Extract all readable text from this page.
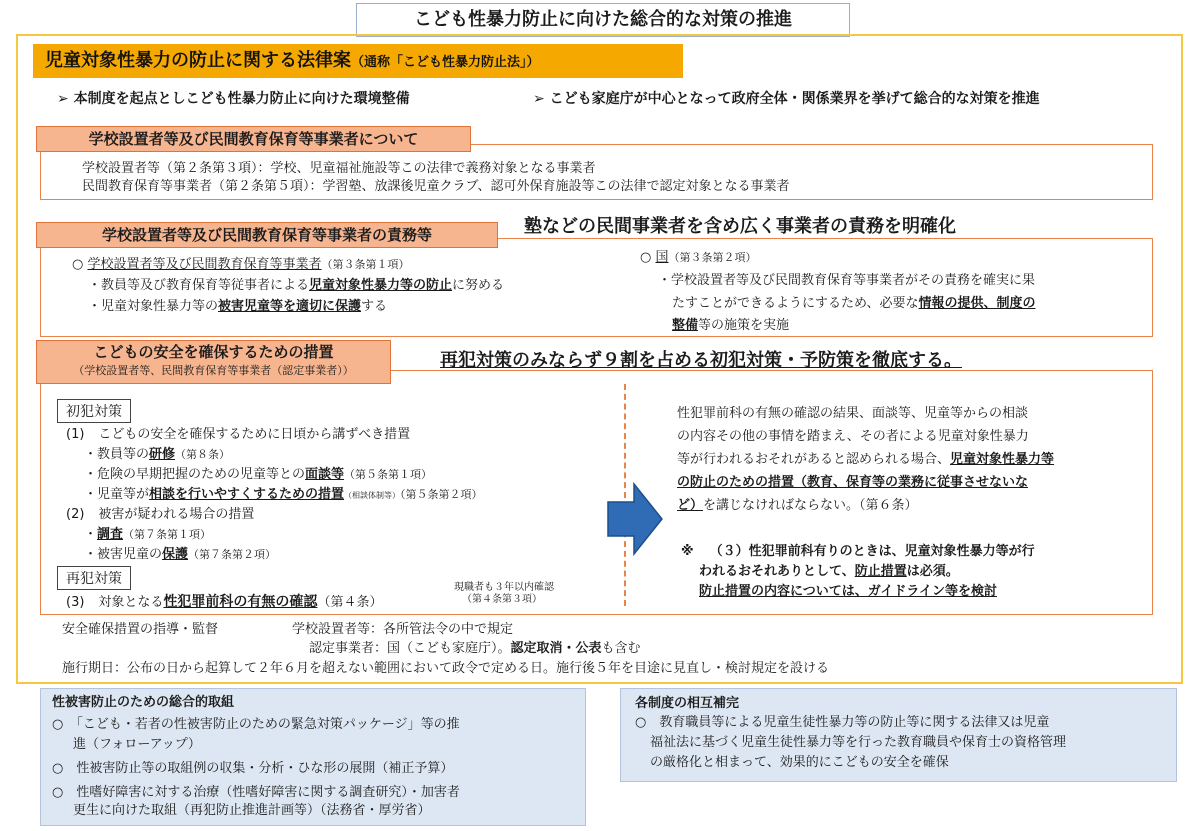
こども性暴力防止に向けた総合的な対策の推進
児童対象性暴力の防止に関する法律案（通称「こども性暴力防止法」）
➢ 本制度を起点としこども性暴力防止に向けた環境整備	➢ こども家庭庁が中心となって政府全体・関係業界を挙げて総合的な対策を推進
学校設置者等及び民間教育保育等事業者について
学校設置者等（第２条第３項）：学校、児童福祉施設等この法律で義務対象となる事業者
民間教育保育等事業者（第２条第５項）：学習塾、放課後児童クラブ、認可外保育施設等この法律で認定対象となる事業者
塾などの民間事業者を含め広く事業者の責務を明確化
学校設置者等及び民間教育保育等事業者の責務等
○ 学校設置者等及び民間教育保育等事業者（第３条第１項）
・教員等及び教育保育等従事者による児童対象性暴力等の防止に努める
・児童対象性暴力等の被害児童等を適切に保護する
○ 国（第３条第２項）
・学校設置者等及び民間教育保育等事業者がその責務を確実に果
たすことができるようにするため、必要な情報の提供、制度の
整備等の施策を実施
再犯対策のみならず９割を占める初犯対策・予防策を徹底する。
こどもの安全を確保するための措置
（学校設置者等、民間教育保育等事業者（認定事業者））
初犯対策
(1) こどもの安全を確保するために日頃から講ずべき措置
・教員等の研修（第８条）
・危険の早期把握のための児童等との面談等（第５条第１項）
・児童等が相談を行いやすくするための措置（相談体制等）（第５条第２項）
(2) 被害が疑われる場合の措置
・調査（第７条第１項）
・被害児童の保護（第７条第２項）
再犯対策
(3) 対象となる性犯罪前科の有無の確認（第４条）
現職者も３年以内確認
（第４条第３項）
性犯罪前科の有無の確認の結果、面談等、児童等からの相談
の内容その他の事情を踏まえ、その者による児童対象性暴力
等が行われるおそれがあると認められる場合、児童対象性暴力等
の防止のための措置（教育、保育等の業務に従事させないな
ど）を講じなければならない。（第６条）
※ （３）性犯罪前科有りのときは、児童対象性暴力等が行
われるおそれありとして、防止措置は必須。
防止措置の内容については、ガイドライン等を検討
安全確保措置の指導・監督	学校設置者等：各所管法令の中で規定
認定事業者：国（こども家庭庁）。認定取消・公表も含む
施行期日：公布の日から起算して２年６月を超えない範囲において政令で定める日。施行後５年を目途に見直し・検討規定を設ける
性被害防止のための総合的取組
○　「こども・若者の性被害防止のための緊急対策パッケージ」等の推
進（フォローアップ）
○　性被害防止等の取組例の収集・分析・ひな形の展開（補正予算）
○　性嗜好障害に対する治療（性嗜好障害に関する調査研究）・加害者
更生に向けた取組（再犯防止推進計画等）（法務省・厚労省）
各制度の相互補完
○　教育職員等による児童生徒性暴力等の防止等に関する法律又は児童
福祉法に基づく児童生徒性暴力等を行った教育職員や保育士の資格管理
の厳格化と相まって、効果的にこどもの安全を確保
